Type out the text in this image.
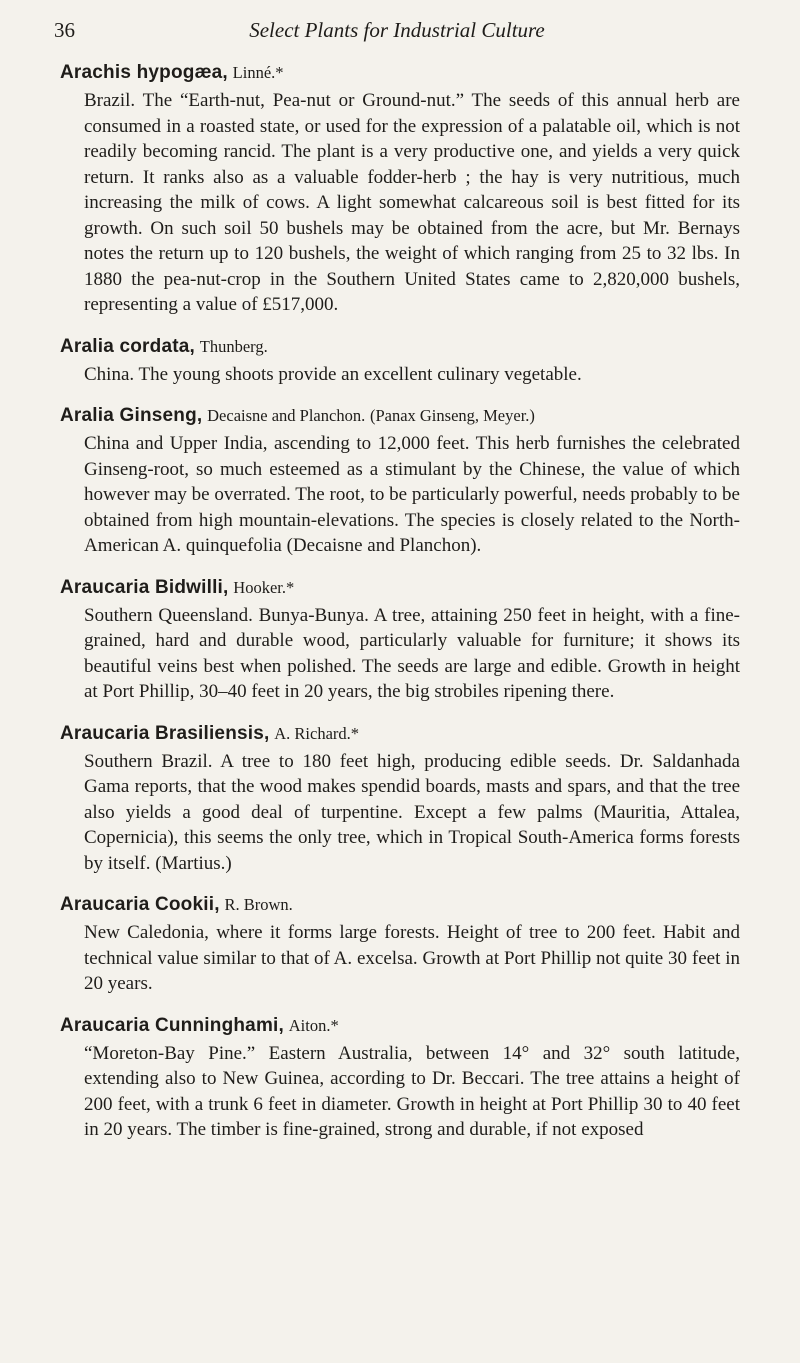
36	Select Plants for Industrial Culture

Arachis hypogæa, Linné.*

Brazil. The “Earth-nut, Pea-nut or Ground-nut.” The seeds of this annual herb are consumed in a roasted state, or used for the expression of a palatable oil, which is not readily becoming rancid. The plant is a very productive one, and yields a very quick return. It ranks also as a valuable fodder-herb ; the hay is very nutritious, much increasing the milk of cows. A light somewhat calcareous soil is best fitted for its growth. On such soil 50 bushels may be obtained from the acre, but Mr. Bernays notes the return up to 120 bushels, the weight of which ranging from 25 to 32 lbs. In 1880 the pea-nut-crop in the Southern United States came to 2,820,000 bushels, representing a value of £517,000.

Aralia cordata, Thunberg.

China. The young shoots provide an excellent culinary vegetable.

Aralia Ginseng, Decaisne and Planchon. (Panax Ginseng, Meyer.)

China and Upper India, ascending to 12,000 feet. This herb furnishes the celebrated Ginseng-root, so much esteemed as a stimulant by the Chinese, the value of which however may be overrated. The root, to be particularly powerful, needs probably to be obtained from high mountain-elevations. The species is closely related to the North-American A. quinquefolia (Decaisne and Planchon).

Araucaria Bidwilli, Hooker.*

Southern Queensland. Bunya-Bunya. A tree, attaining 250 feet in height, with a fine-grained, hard and durable wood, particularly valuable for furniture; it shows its beautiful veins best when polished. The seeds are large and edible. Growth in height at Port Phillip, 30–40 feet in 20 years, the big strobiles ripening there.

Araucaria Brasiliensis, A. Richard.*

Southern Brazil. A tree to 180 feet high, producing edible seeds. Dr. Saldanhada Gama reports, that the wood makes spendid boards, masts and spars, and that the tree also yields a good deal of turpentine. Except a few palms (Mauritia, Attalea, Copernicia), this seems the only tree, which in Tropical South-America forms forests by itself. (Martius.)

Araucaria Cookii, R. Brown.

New Caledonia, where it forms large forests. Height of tree to 200 feet. Habit and technical value similar to that of A. excelsa. Growth at Port Phillip not quite 30 feet in 20 years.

Araucaria Cunninghami, Aiton.*

“Moreton-Bay Pine.” Eastern Australia, between 14° and 32° south latitude, extending also to New Guinea, according to Dr. Beccari. The tree attains a height of 200 feet, with a trunk 6 feet in diameter. Growth in height at Port Phillip 30 to 40 feet in 20 years. The timber is fine-grained, strong and durable, if not exposed
